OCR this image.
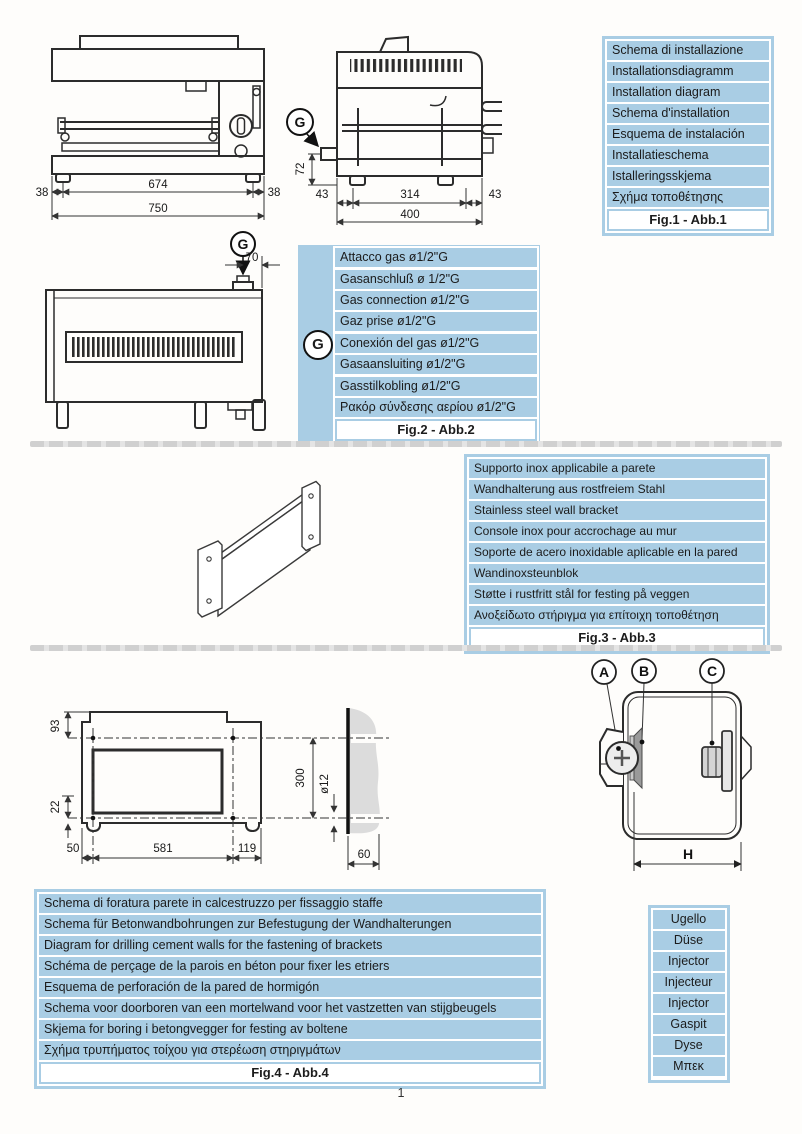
38
674
38
750
G
72
43	314	43
400
Schema di installazione
Installationsdiagramm
Installation diagram
Schema d'installation
Esquema de instalación
Installatieschema
Istalleringsskjema
Σχήμα τοποθέτησης
Fig.1 - Abb.1
G
70
G
Attacco gas ø1/2"G
Gasanschluß ø 1/2"G
Gas connection ø1/2"G
Gaz prise ø1/2"G
Conexión del gas ø1/2"G
Gasaansluiting ø1/2"G
Gasstilkobling ø1/2"G
Ρακόρ σύνδεσης αερίου ø1/2"G
Fig.2 - Abb.2
Supporto inox applicabile a parete
Wandhalterung aus rostfreiem Stahl
Stainless steel wall bracket
Console inox pour accrochage au mur
Soporte de acero inoxidable aplicable en la pared
Wandinoxsteunblok
Støtte i rustfritt stål for festing på veggen
Ανοξείδωτο στήριγμα για επίτοιχη τοποθέτηση
Fig.3 - Abb.3
93
22
50	581	119
300 ø12
60
A B	C
H
Schema di foratura parete in calcestruzzo per fissaggio staffe
Schema für Betonwandbohrungen zur Befestugung der Wandhalterungen
Diagram for drilling cement walls for the fastening of brackets
Schéma de perçage de la parois en béton pour fixer les etriers
Esquema de perforación de la pared de hormigón
Schema voor doorboren van een mortelwand voor het vastzetten van stijgbeugels
Skjema for boring i betongvegger for festing av boltene
Σχήμα τρυπήματος τοίχου για στερέωση στηριγμάτων
Fig.4 - Abb.4
Ugello
Düse
Injector
Injecteur
Injector
Gaspit
Dyse
Μπεκ
1
